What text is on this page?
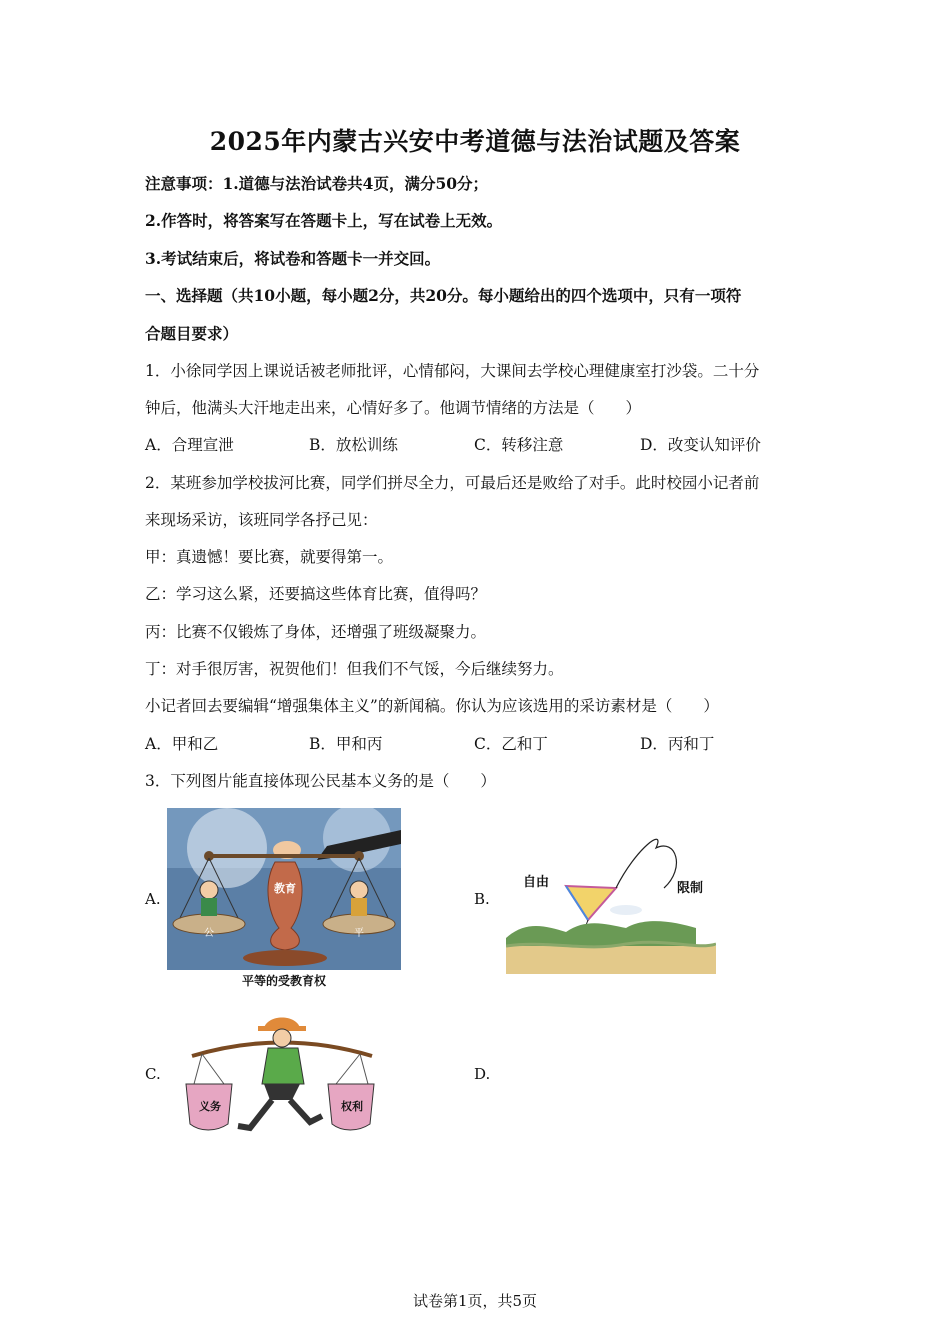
2025年内蒙古兴安中考道德与法治试题及答案
注意事项：1.道德与法治试卷共4页，满分50分；
2.作答时，将答案写在答题卡上，写在试卷上无效。
3.考试结束后，将试卷和答题卡一并交回。
一、选择题（共10小题，每小题2分，共20分。每小题给出的四个选项中，只有一项符
合题目要求）
1．小徐同学因上课说话被老师批评，心情郁闷，大课间去学校心理健康室打沙袋。二十分
钟后，他满头大汗地走出来，心情好多了。他调节情绪的方法是（　　）
A．合理宣泄	B．放松训练	C．转移注意	D．改变认知评价
2．某班参加学校拔河比赛，同学们拼尽全力，可最后还是败给了对手。此时校园小记者前
来现场采访，该班同学各抒己见：
甲：真遗憾！要比赛，就要得第一。
乙：学习这么紧，还要搞这些体育比赛，值得吗？
丙：比赛不仅锻炼了身体，还增强了班级凝聚力。
丁：对手很厉害，祝贺他们！但我们不气馁，今后继续努力。
小记者回去要编辑“增强集体主义”的新闻稿。你认为应该选用的采访素材是（　　）
A．甲和乙	B．甲和丙	C．乙和丁	D．丙和丁
3．下列图片能直接体现公民基本义务的是（　　）
A.	B.
C.	D.
教育
公	平
平等的受教育权
自由	限制
义务	权利
试卷第1页，共5页
